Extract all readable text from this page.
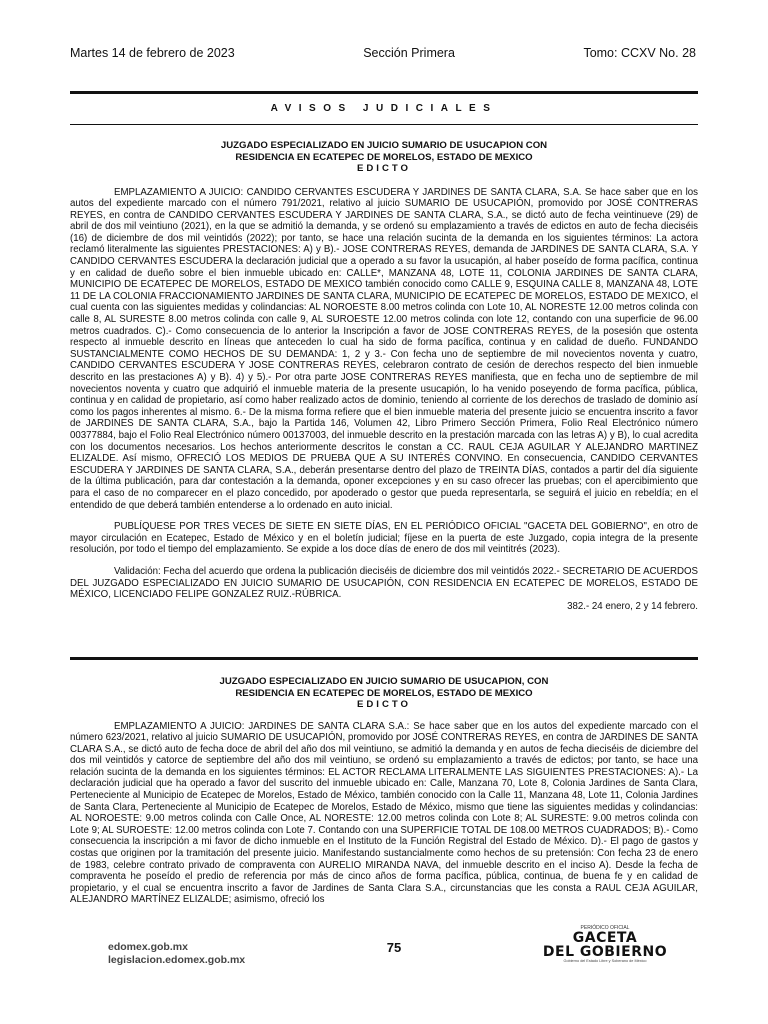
Martes 14 de febrero de 2023	Sección Primera	Tomo: CCXV No. 28
AVISOS JUDICIALES
JUZGADO ESPECIALIZADO EN JUICIO SUMARIO DE USUCAPION CON
RESIDENCIA EN ECATEPEC DE MORELOS, ESTADO DE MEXICO
EDICTO

EMPLAZAMIENTO A JUICIO: CANDIDO CERVANTES ESCUDERA Y JARDINES DE SANTA CLARA, S.A. Se hace saber que en los autos del expediente marcado con el número 791/2021, relativo al juicio SUMARIO DE USUCAPIÓN, promovido por JOSÉ CONTRERAS REYES, en contra de CANDIDO CERVANTES ESCUDERA Y JARDINES DE SANTA CLARA, S.A., se dictó auto de fecha veintinueve (29) de abril de dos mil veintiuno (2021), en la que se admitió la demanda, y se ordenó su emplazamiento a través de edictos en auto de fecha dieciséis (16) de diciembre de dos mil veintidós (2022); por tanto, se hace una relación sucinta de la demanda en los siguientes términos: La actora reclamó literalmente las siguientes PRESTACIONES: A) y B).- JOSE CONTRERAS REYES, demanda de JARDINES DE SANTA CLARA, S.A. Y CANDIDO CERVANTES ESCUDERA la declaración judicial que a operado a su favor la usucapión, al haber poseído de forma pacífica, continua y en calidad de dueño sobre el bien inmueble ubicado en: CALLE*, MANZANA 48, LOTE 11, COLONIA JARDINES DE SANTA CLARA, MUNICIPIO DE ECATEPEC DE MORELOS, ESTADO DE MEXICO también conocido como CALLE 9, ESQUINA CALLE 8, MANZANA 48, LOTE 11 DE LA COLONIA FRACCIONAMIENTO JARDINES DE SANTA CLARA, MUNICIPIO DE ECATEPEC DE MORELOS, ESTADO DE MEXICO, el cual cuenta con las siguientes medidas y colindancias: AL NOROESTE 8.00 metros colinda con Lote 10, AL NORESTE 12.00 metros colinda con calle 8, AL SURESTE 8.00 metros colinda con calle 9, AL SUROESTE 12.00 metros colinda con lote 12, contando con una superficie de 96.00 metros cuadrados. C).- Como consecuencia de lo anterior la Inscripción a favor de JOSE CONTRERAS REYES, de la posesión que ostenta respecto al inmueble descrito en líneas que anteceden lo cual ha sido de forma pacífica, continua y en calidad de dueño. FUNDANDO SUSTANCIALMENTE COMO HECHOS DE SU DEMANDA: 1, 2 y 3.- Con fecha uno de septiembre de mil novecientos noventa y cuatro, CANDIDO CERVANTES ESCUDERA Y JOSE CONTRERAS REYES, celebraron contrato de cesión de derechos respecto del bien inmueble descrito en las prestaciones A) y B). 4) y 5).- Por otra parte JOSE CONTRERAS REYES manifiesta, que en fecha uno de septiembre de mil novecientos noventa y cuatro que adquirió el inmueble materia de la presente usucapión, lo ha venido poseyendo de forma pacífica, pública, continua y en calidad de propietario, así como haber realizado actos de dominio, teniendo al corriente de los derechos de traslado de dominio así como los pagos inherentes al mismo. 6.- De la misma forma refiere que el bien inmueble materia del presente juicio se encuentra inscrito a favor de JARDINES DE SANTA CLARA, S.A., bajo la Partida 146, Volumen 42, Libro Primero Sección Primera, Folio Real Electrónico número 00377884, bajo el Folio Real Electrónico número 00137003, del inmueble descrito en la prestación marcada con las letras A) y B), lo cual acredita con los documentos necesarios. Los hechos anteriormente descritos le constan a CC. RAUL CEJA AGUILAR Y ALEJANDRO MARTINEZ ELIZALDE. Así mismo, OFRECIÓ LOS MEDIOS DE PRUEBA QUE A SU INTERÉS CONVINO. En consecuencia, CANDIDO CERVANTES ESCUDERA Y JARDINES DE SANTA CLARA, S.A., deberán presentarse dentro del plazo de TREINTA DÍAS, contados a partir del día siguiente de la última publicación, para dar contestación a la demanda, oponer excepciones y en su caso ofrecer las pruebas; con el apercibimiento que para el caso de no comparecer en el plazo concedido, por apoderado o gestor que pueda representarla, se seguirá el juicio en rebeldía; en el entendido de que deberá también entenderse a lo ordenado en auto inicial.

PUBLÍQUESE POR TRES VECES DE SIETE EN SIETE DÍAS, EN EL PERIÓDICO OFICIAL "GACETA DEL GOBIERNO", en otro de mayor circulación en Ecatepec, Estado de México y en el boletín judicial; fíjese en la puerta de este Juzgado, copia integra de la presente resolución, por todo el tiempo del emplazamiento. Se expide a los doce días de enero de dos mil veintitrés (2023).

Validación: Fecha del acuerdo que ordena la publicación dieciséis de diciembre dos mil veintidós 2022.- SECRETARIO DE ACUERDOS DEL JUZGADO ESPECIALIZADO EN JUICIO SUMARIO DE USUCAPIÓN, CON RESIDENCIA EN ECATEPEC DE MORELOS, ESTADO DE MÉXICO, LICENCIADO FELIPE GONZALEZ RUIZ.-RÚBRICA.

382.- 24 enero, 2 y 14 febrero.
JUZGADO ESPECIALIZADO EN JUICIO SUMARIO DE USUCAPION, CON
RESIDENCIA EN ECATEPEC DE MORELOS, ESTADO DE MEXICO
EDICTO

EMPLAZAMIENTO A JUICIO: JARDINES DE SANTA CLARA S.A.: Se hace saber que en los autos del expediente marcado con el número 623/2021, relativo al juicio SUMARIO DE USUCAPIÓN, promovido por JOSÉ CONTRERAS REYES, en contra de JARDINES DE SANTA CLARA S.A., se dictó auto de fecha doce de abril del año dos mil veintiuno, se admitió la demanda y en autos de fecha dieciséis de diciembre del dos mil veintidós y catorce de septiembre del año dos mil veintiuno, se ordenó su emplazamiento a través de edictos; por tanto, se hace una relación sucinta de la demanda en los siguientes términos: EL ACTOR RECLAMA LITERALMENTE LAS SIGUIENTES PRESTACIONES: A).- La declaración judicial que ha operado a favor del suscrito del inmueble ubicado en: Calle, Manzana 70, Lote 8, Colonia Jardines de Santa Clara, Perteneciente al Municipio de Ecatepec de Morelos, Estado de México, también conocido con la Calle 11, Manzana 48, Lote 11, Colonia Jardines de Santa Clara, Perteneciente al Municipio de Ecatepec de Morelos, Estado de México, mismo que tiene las siguientes medidas y colindancias: AL NOROESTE: 9.00 metros colinda con Calle Once, AL NORESTE: 12.00 metros colinda con Lote 8; AL SURESTE: 9.00 metros colinda con Lote 9; AL SUROESTE: 12.00 metros colinda con Lote 7. Contando con una SUPERFICIE TOTAL DE 108.00 METROS CUADRADOS; B).- Como consecuencia la inscripción a mi favor de dicho inmueble en el Instituto de la Función Registral del Estado de México. D).- El pago de gastos y costas que originen por la tramitación del presente juicio. Manifestando sustancialmente como hechos de su pretensión: Con fecha 23 de enero de 1983, celebre contrato privado de compraventa con AURELIO MIRANDA NAVA, del inmueble descrito en el inciso A). Desde la fecha de compraventa he poseído el predio de referencia por más de cinco años de forma pacífica, pública, continua, de buena fe y en calidad de propietario, y el cual se encuentra inscrito a favor de Jardines de Santa Clara S.A., circunstancias que les consta a RAUL CEJA AGUILAR, ALEJANDRO MARTÍNEZ ELIZALDE; asimismo, ofreció los

edomex.gob.mx
legislacion.edomex.gob.mx
75
PERIÓDICO OFICIAL
GACETA
DEL GOBIERNO
Gobierno del Estado Libre y Soberano de México
